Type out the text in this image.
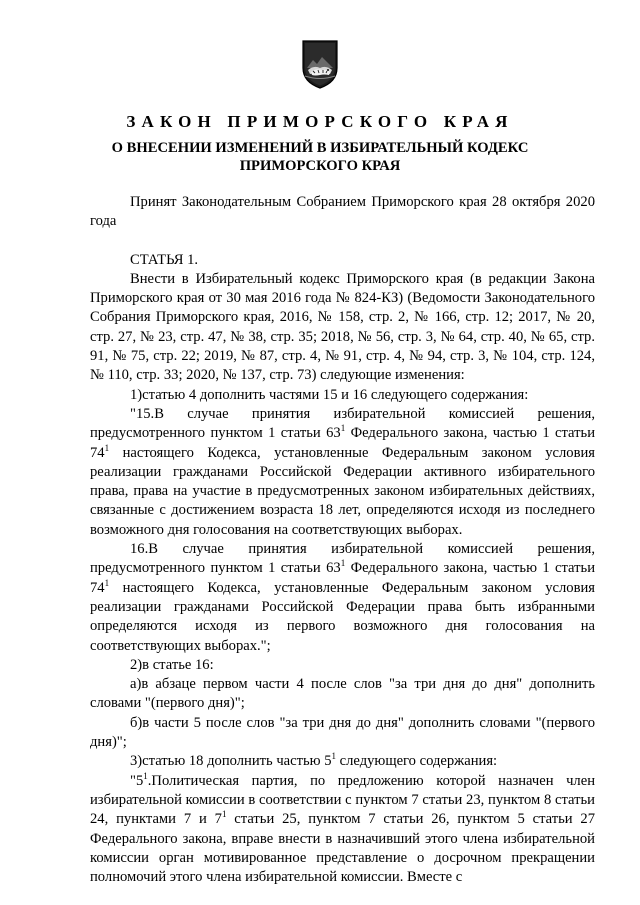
ЗАКОН ПРИМОРСКОГО КРАЯ
О ВНЕСЕНИИ ИЗМЕНЕНИЙ В ИЗБИРАТЕЛЬНЫЙ КОДЕКС
ПРИМОРСКОГО КРАЯ

Принят Законодательным Собранием Приморского края 28 октября 2020 года

СТАТЬЯ 1.

Внести в Избирательный кодекс Приморского края (в редакции Закона Приморского края от 30 мая 2016 года № 824-КЗ) (Ведомости Законодательного Собрания Приморского края, 2016, № 158, стр. 2, № 166, стр. 12; 2017, № 20, стр. 27, № 23, стр. 47, № 38, стр. 35; 2018, № 56, стр. 3, № 64, стр. 40, № 65, стр. 91, № 75, стр. 22; 2019, № 87, стр. 4, № 91, стр. 4, № 94, стр. 3, № 104, стр. 124, № 110, стр. 33; 2020, № 137, стр. 73) следующие изменения:

1)статью 4 дополнить частями 15 и 16 следующего содержания:

"15.В случае принятия избирательной комиссией решения, предусмотренного пунктом 1 статьи $63^1$ Федерального закона, частью 1 статьи $74^1$ настоящего Кодекса, установленные Федеральным законом условия реализации гражданами Российской Федерации активного избирательного права, права на участие в предусмотренных законом избирательных действиях, связанные с достижением возраста 18 лет, определяются исходя из последнего возможного дня голосования на соответствующих выборах.

16.В случае принятия избирательной комиссией решения, предусмотренного пунктом 1 статьи $63^1$ Федерального закона, частью 1 статьи $74^1$ настоящего Кодекса, установленные Федеральным законом условия реализации гражданами Российской Федерации права быть избранными определяются исходя из первого возможного дня голосования на соответствующих выборах.";

2)в статье 16:

а)в абзаце первом части 4 после слов "за три дня до дня" дополнить словами "(первого дня)";

б)в части 5 после слов "за три дня до дня" дополнить словами "(первого дня)";

3)статью 18 дополнить частью $5^1$ следующего содержания:

"$5^1.Политическая$ партия, по предложению которой назначен член избирательной комиссии в соответствии с пунктом 7 статьи 23, пунктом 8 статьи 24, пунктами 7 и $7^1$ статьи 25, пунктом 7 статьи 26, пунктом 5 статьи 27 Федерального закона, вправе внести в назначивший этого члена избирательной комиссии орган мотивированное представление о досрочном прекращении полномочий этого члена избирательной комиссии. Вместе с
